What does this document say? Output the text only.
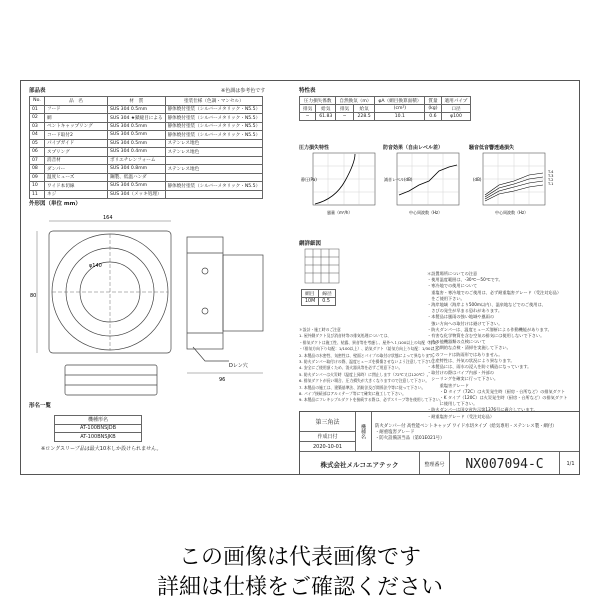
部品表	※色調は参考色です
No.	品　名	材　質	塗装仕様（色調・マンセル）
01	フード	SUS 304 0.5mm	静体焼付塗装（シルバーメタリック・N5.5）
02	網	SUS 304 ★鎖縫目による	静体焼付塗装（シルバーメタリック・N5.5）
03	ベントキャップリング	SUS 304 0.5mm	静体焼付塗装（シルバーメタリック・N5.5）
04	コード取付2	SUS 304 0.5mm	静体焼付塗装（シルバーメタリック・N5.5）
05	パイプガイド	SUS 304 0.5mm	ステンレス地色
06	スプリング	SUS 304 0.4mm	ステンレス地色
07	消音材	ポリエチレンフォーム	
08	ダンパー	SUS 304 0.8mm	ステンレス地色
09	温度ヒューズ	鋼製、低温ハンダ	
10	ワイド本切線	SUS 304 0.5mm	静体焼付塗装（シルバーメタリック・N5.5）
11	ネジ	SUS 304（メッキ処理）	
特性表
圧力損失係数		自然換気（m）		φA（網目換算面積）	質量	適用パイプ
排気	給気	排気	給気	(cm²)	(kg)	口径
−	61.83	−	228.5	10.1	0.6	φ100
圧力損失特性
静圧(Pa)
風量（m³/h）
防音効果（自由レベル差）
減音レベル(dB)
中心周波数（Hz）
騒音低音響透過損失
T-4
T-3
T-2
T-1
(dB)
中心周波数（Hz）
外形図（単位 mm）
164
φ140
96
80
Dレン穴
網詳細図
網目	線径
10M	0.5
＊設置場所についての注意
・使用温度範囲は、-30℃〜50℃です。
・寒冷地での使用について
　重塩害・寒冷地でのご使用は、必ず耐重塩害グレード（受注対応品）
　をご使用下さい。
・海岸地域（海岸より500m以内）、温泉地などでのご使用は、
　さびの発生が早まる恐れがあります。
・本製品は風雨の強い地域や風雨の
　強い方向への取付けは避けて下さい。
・防火ダンパーは、温度ヒューズ溶断による作動機能があります。
・有害な化学物質を含む空気の排気には使用しないで下さい。
・その他機器類の点検について
　・定期的な点検・清掃を実施して下さい。
・このフードは防雨形ではありません。
・生産特性は、外気の状況により異なります。
・本製品には、雨水の浸入を防ぐ構造になっています。
・取付けの際はパイプ内部・外部の
　シーリングを確実に行って下さい。
　　　重塩害グレード
　　　・D タイプ（72C）は火災発生時（厨房・台所など）の排気ダクト
　　　・K タイプ（120C）は火災発生時（厨房・台所など）の排気ダクト
　　　に使用して下さい。
・防火ダンパーは国交省告示第1376号に適合しています。
・耐重塩害グレード（受注対応品）
＊設計・施工時のご注意
1. 屋外側ダクト及び消音材等の排気処理については、
・排気ダクトは施工性、結露、異音等を考慮し、屋外へ１/100以上の勾配（排気）
・（排気方向下り勾配：1/100以上）、給気ダクト（給気方向上り勾配：1/30以上）
2. 本製品の水密性、気密性は、壁面とパイプの取付け状態によって異なります。
3. 防火ダンパー取付けの際、温度ヒューズを損傷させないよう注意して下さい。
4. 安全にご使用頂くため、消火器具等を必ずご用意下さい。
5. 防火ダンパーは火災時（温度上昇時）に閉止します（72℃又は120℃）。
6. 排気ダクトが長い場合、圧力損失が大きくなりますので注意して下さい。
7. 本製品の施工は、建築基準法、消防法及び関係法令等に従って下さい。
8. パイプ接続部はアルミテープ等にて確実に施工して下さい。
9. 本製品にフレキシブルダクトを接続する際は、必ずスリーブ等を使用して下さい。
形名一覧
機種形名
AT-100BNSJDB
AT-100BNSJKB
※ロングスリーブ品は最大10本しか設けられません。
第三角法
作成日付
2020-10-01
機種名	防火ダンパー付 高性能ベントキャップ ワイド水切タイプ（給気専用・ステンレス製・網付）
・耐重塩害グレード
・防火設備該当品（第01E021号）
株式会社メルコエアテック	整理番号	NX007094-C	1/1
この画像は代表画像です
詳細は仕様をご確認ください
